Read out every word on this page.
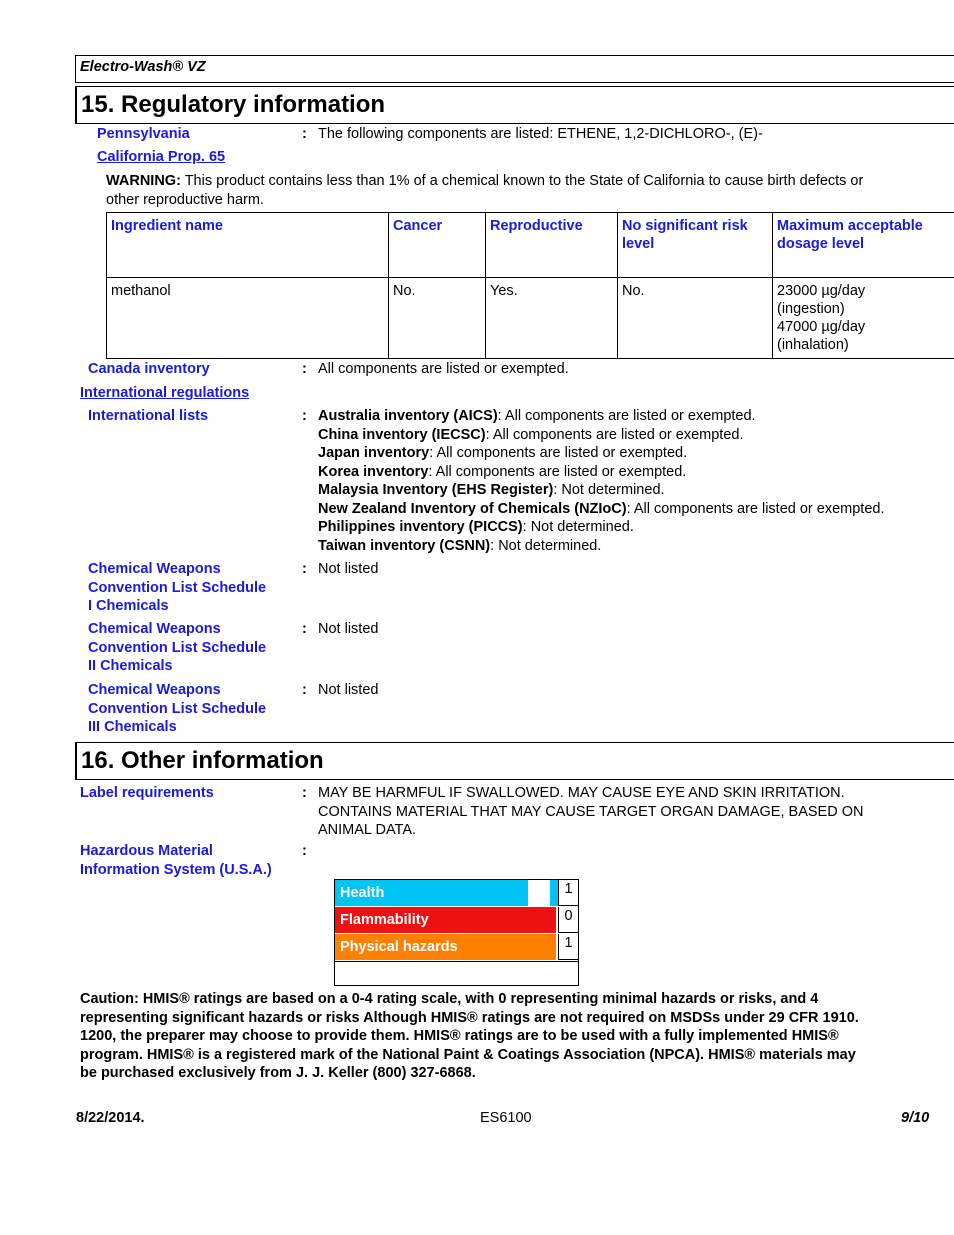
Electro-Wash® VZ
15. Regulatory information
Pennsylvania	: The following components are listed: ETHENE, 1,2-DICHLORO-, (E)-
California Prop. 65
WARNING: This product contains less than 1% of a chemical known to the State of California to cause birth defects or
other reproductive harm.
Ingredient name	Cancer	Reproductive	No significant risk level	Maximum acceptable dosage level
methanol	No.	Yes.	No.	23000 µg/day
(ingestion)
47000 µg/day
(inhalation)
Canada inventory	: All components are listed or exempted.
International regulations
International lists	: Australia inventory (AICS): All components are listed or exempted.
China inventory (IECSC): All components are listed or exempted.
Japan inventory: All components are listed or exempted.
Korea inventory: All components are listed or exempted.
Malaysia Inventory (EHS Register): Not determined.
New Zealand Inventory of Chemicals (NZIoC): All components are listed or exempted.
Philippines inventory (PICCS): Not determined.
Taiwan inventory (CSNN): Not determined.
Chemical Weapons
Convention List Schedule
I Chemicals
: Not listed
Chemical Weapons
Convention List Schedule
II Chemicals
: Not listed
Chemical Weapons
Convention List Schedule
III Chemicals
: Not listed
16. Other information
Label requirements	: MAY BE HARMFUL IF SWALLOWED. MAY CAUSE EYE AND SKIN IRRITATION.
CONTAINS MATERIAL THAT MAY CAUSE TARGET ORGAN DAMAGE, BASED ON
ANIMAL DATA.
Hazardous Material
Information System (U.S.A.)
:
Health	1
Flammability	0
Physical hazards	1
Caution: HMIS® ratings are based on a 0-4 rating scale, with 0 representing minimal hazards or risks, and 4
representing significant hazards or risks Although HMIS® ratings are not required on MSDSs under 29 CFR 1910.
1200, the preparer may choose to provide them. HMIS® ratings are to be used with a fully implemented HMIS®
program. HMIS® is a registered mark of the National Paint & Coatings Association (NPCA). HMIS® materials may
be purchased exclusively from J. J. Keller (800) 327-6868.
8/22/2014.	ES6100	9/10
